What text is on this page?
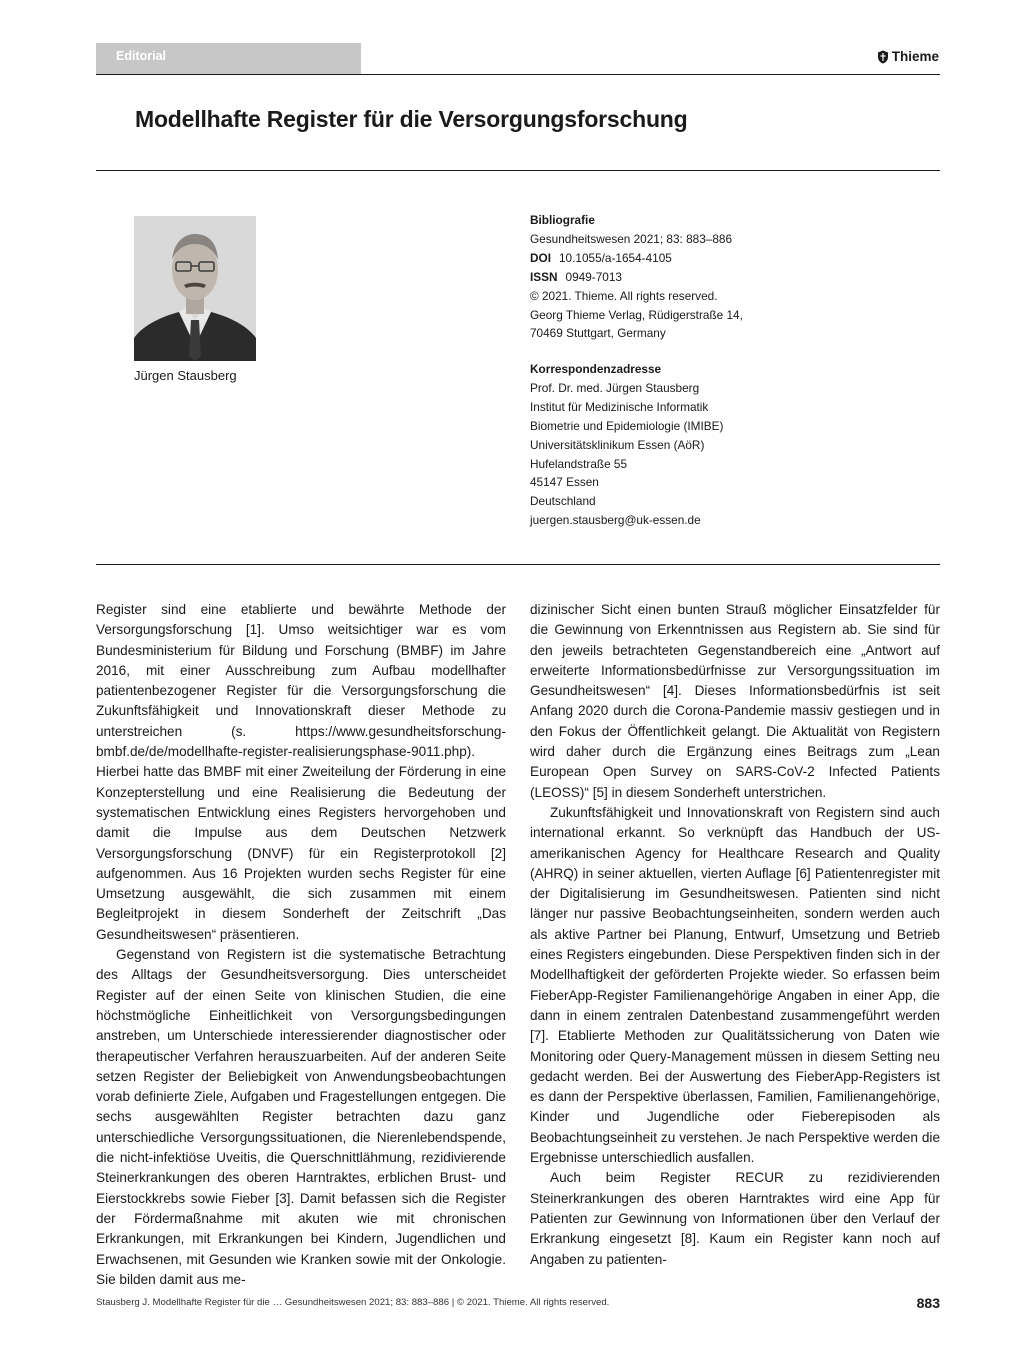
Editorial	Thieme
Modellhafte Register für die Versorgungsforschung
Jürgen Stausberg
Bibliografie
Gesundheitswesen 2021; 83: 883–886
DOI 10.1055/a-1654-4105
ISSN 0949-7013
© 2021. Thieme. All rights reserved.
Georg Thieme Verlag, Rüdigerstraße 14,
70469 Stuttgart, Germany
Korrespondenzadresse
Prof. Dr. med. Jürgen Stausberg
Institut für Medizinische Informatik
Biometrie und Epidemiologie (IMIBE)
Universitätsklinikum Essen (AöR)
Hufelandstraße 55
45147 Essen
Deutschland
juergen.stausberg@uk-essen.de

Register sind eine etablierte und bewährte Methode der Versorgungsforschung [1]. Umso weitsichtiger war es vom Bundesministerium für Bildung und Forschung (BMBF) im Jahre 2016, mit einer Ausschreibung zum Aufbau modellhafter patientenbezogener Register für die Versorgungsforschung die Zukunftsfähigkeit und Innovationskraft dieser Methode zu unterstreichen (s. https://www.gesundheitsforschung-bmbf.de/de/modellhafte-register-realisierungsphase-9011.php). Hierbei hatte das BMBF mit einer Zweiteilung der Förderung in eine Konzepterstellung und eine Realisierung die Bedeutung der systematischen Entwicklung eines Registers hervorgehoben und damit die Impulse aus dem Deutschen Netzwerk Versorgungsforschung (DNVF) für ein Registerprotokoll [2] aufgenommen. Aus 16 Projekten wurden sechs Register für eine Umsetzung ausgewählt, die sich zusammen mit einem Begleitprojekt in diesem Sonderheft der Zeitschrift „Das Gesundheitswesen“ präsentieren.

Gegenstand von Registern ist die systematische Betrachtung des Alltags der Gesundheitsversorgung. Dies unterscheidet Register auf der einen Seite von klinischen Studien, die eine höchstmögliche Einheitlichkeit von Versorgungsbedingungen anstreben, um Unterschiede interessierender diagnostischer oder therapeutischer Verfahren herauszuarbeiten. Auf der anderen Seite setzen Register der Beliebigkeit von Anwendungsbeobachtungen vorab definierte Ziele, Aufgaben und Fragestellungen entgegen. Die sechs ausgewählten Register betrachten dazu ganz unterschiedliche Versorgungssituationen, die Nierenlebendspende, die nicht-infektiöse Uveitis, die Querschnittlähmung, rezidivierende Steinerkrankungen des oberen Harntraktes, erblichen Brust- und Eierstockkrebs sowie Fieber [3]. Damit befassen sich die Register der Fördermaßnahme mit akuten wie mit chronischen Erkrankungen, mit Erkrankungen bei Kindern, Jugendlichen und Erwachsenen, mit Gesunden wie Kranken sowie mit der Onkologie. Sie bilden damit aus me-

dizinischer Sicht einen bunten Strauß möglicher Einsatzfelder für die Gewinnung von Erkenntnissen aus Registern ab. Sie sind für den jeweils betrachteten Gegenstandbereich eine „Antwort auf erweiterte Informationsbedürfnisse zur Versorgungssituation im Gesundheitswesen“ [4]. Dieses Informationsbedürfnis ist seit Anfang 2020 durch die Corona-Pandemie massiv gestiegen und in den Fokus der Öffentlichkeit gelangt. Die Aktualität von Registern wird daher durch die Ergänzung eines Beitrags zum „Lean European Open Survey on SARS-CoV-2 Infected Patients (LEOSS)“ [5] in diesem Sonderheft unterstrichen.

Zukunftsfähigkeit und Innovationskraft von Registern sind auch international erkannt. So verknüpft das Handbuch der US-amerikanischen Agency for Healthcare Research and Quality (AHRQ) in seiner aktuellen, vierten Auflage [6] Patientenregister mit der Digitalisierung im Gesundheitswesen. Patienten sind nicht länger nur passive Beobachtungseinheiten, sondern werden auch als aktive Partner bei Planung, Entwurf, Umsetzung und Betrieb eines Registers eingebunden. Diese Perspektiven finden sich in der Modellhaftigkeit der geförderten Projekte wieder. So erfassen beim FieberApp-Register Familienangehörige Angaben in einer App, die dann in einem zentralen Datenbestand zusammengeführt werden [7]. Etablierte Methoden zur Qualitätssicherung von Daten wie Monitoring oder Query-Management müssen in diesem Setting neu gedacht werden. Bei der Auswertung des FieberApp-Registers ist es dann der Perspektive überlassen, Familien, Familienangehörige, Kinder und Jugendliche oder Fieberepisoden als Beobachtungseinheit zu verstehen. Je nach Perspektive werden die Ergebnisse unterschiedlich ausfallen.

Auch beim Register RECUR zu rezidivierenden Steinerkrankungen des oberen Harntraktes wird eine App für Patienten zur Gewinnung von Informationen über den Verlauf der Erkrankung eingesetzt [8]. Kaum ein Register kann noch auf Angaben zu patienten-

Stausberg J. Modellhafte Register für die … Gesundheitswesen 2021; 83: 883–886 | © 2021. Thieme. All rights reserved.	883
